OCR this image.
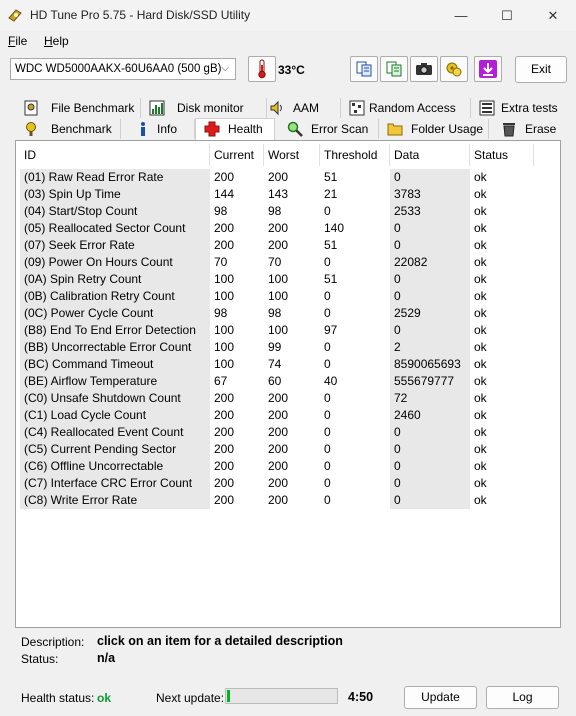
HD Tune Pro 5.75 - Hard Disk/SSD Utility	—	☐	✕
File Help
WDC WD5000AAKX-60U6AA0 (500 gB) ⌵	33°C	Exit
File Benchmark	Disk monitor	AAM	Random Access	Extra tests
Benchmark	Info	Health	Error Scan	Folder Usage	Erase
ID	Current	Worst	Threshold	Data	Status
(01) Raw Read Error Rate	200	200	51	0	ok
(03) Spin Up Time	144	143	21	3783	ok
(04) Start/Stop Count	98	98	0	2533	ok
(05) Reallocated Sector Count	200	200	140	0	ok
(07) Seek Error Rate	200	200	51	0	ok
(09) Power On Hours Count	70	70	0	22082	ok
(0A) Spin Retry Count	100	100	51	0	ok
(0B) Calibration Retry Count	100	100	0	0	ok
(0C) Power Cycle Count	98	98	0	2529	ok
(B8) End To End Error Detection	100	100	97	0	ok
(BB) Uncorrectable Error Count	100	99	0	2	ok
(BC) Command Timeout	100	74	0	8590065693	ok
(BE) Airflow Temperature	67	60	40	555679777	ok
(C0) Unsafe Shutdown Count	200	200	0	72	ok
(C1) Load Cycle Count	200	200	0	2460	ok
(C4) Reallocated Event Count	200	200	0	0	ok
(C5) Current Pending Sector	200	200	0	0	ok
(C6) Offline Uncorrectable	200	200	0	0	ok
(C7) Interface CRC Error Count	200	200	0	0	ok
(C8) Write Error Rate	200	200	0	0	ok
Description: click on an item for a detailed description
Status:	n/a
Health status: ok	Next update:	4:50	Update	Log
